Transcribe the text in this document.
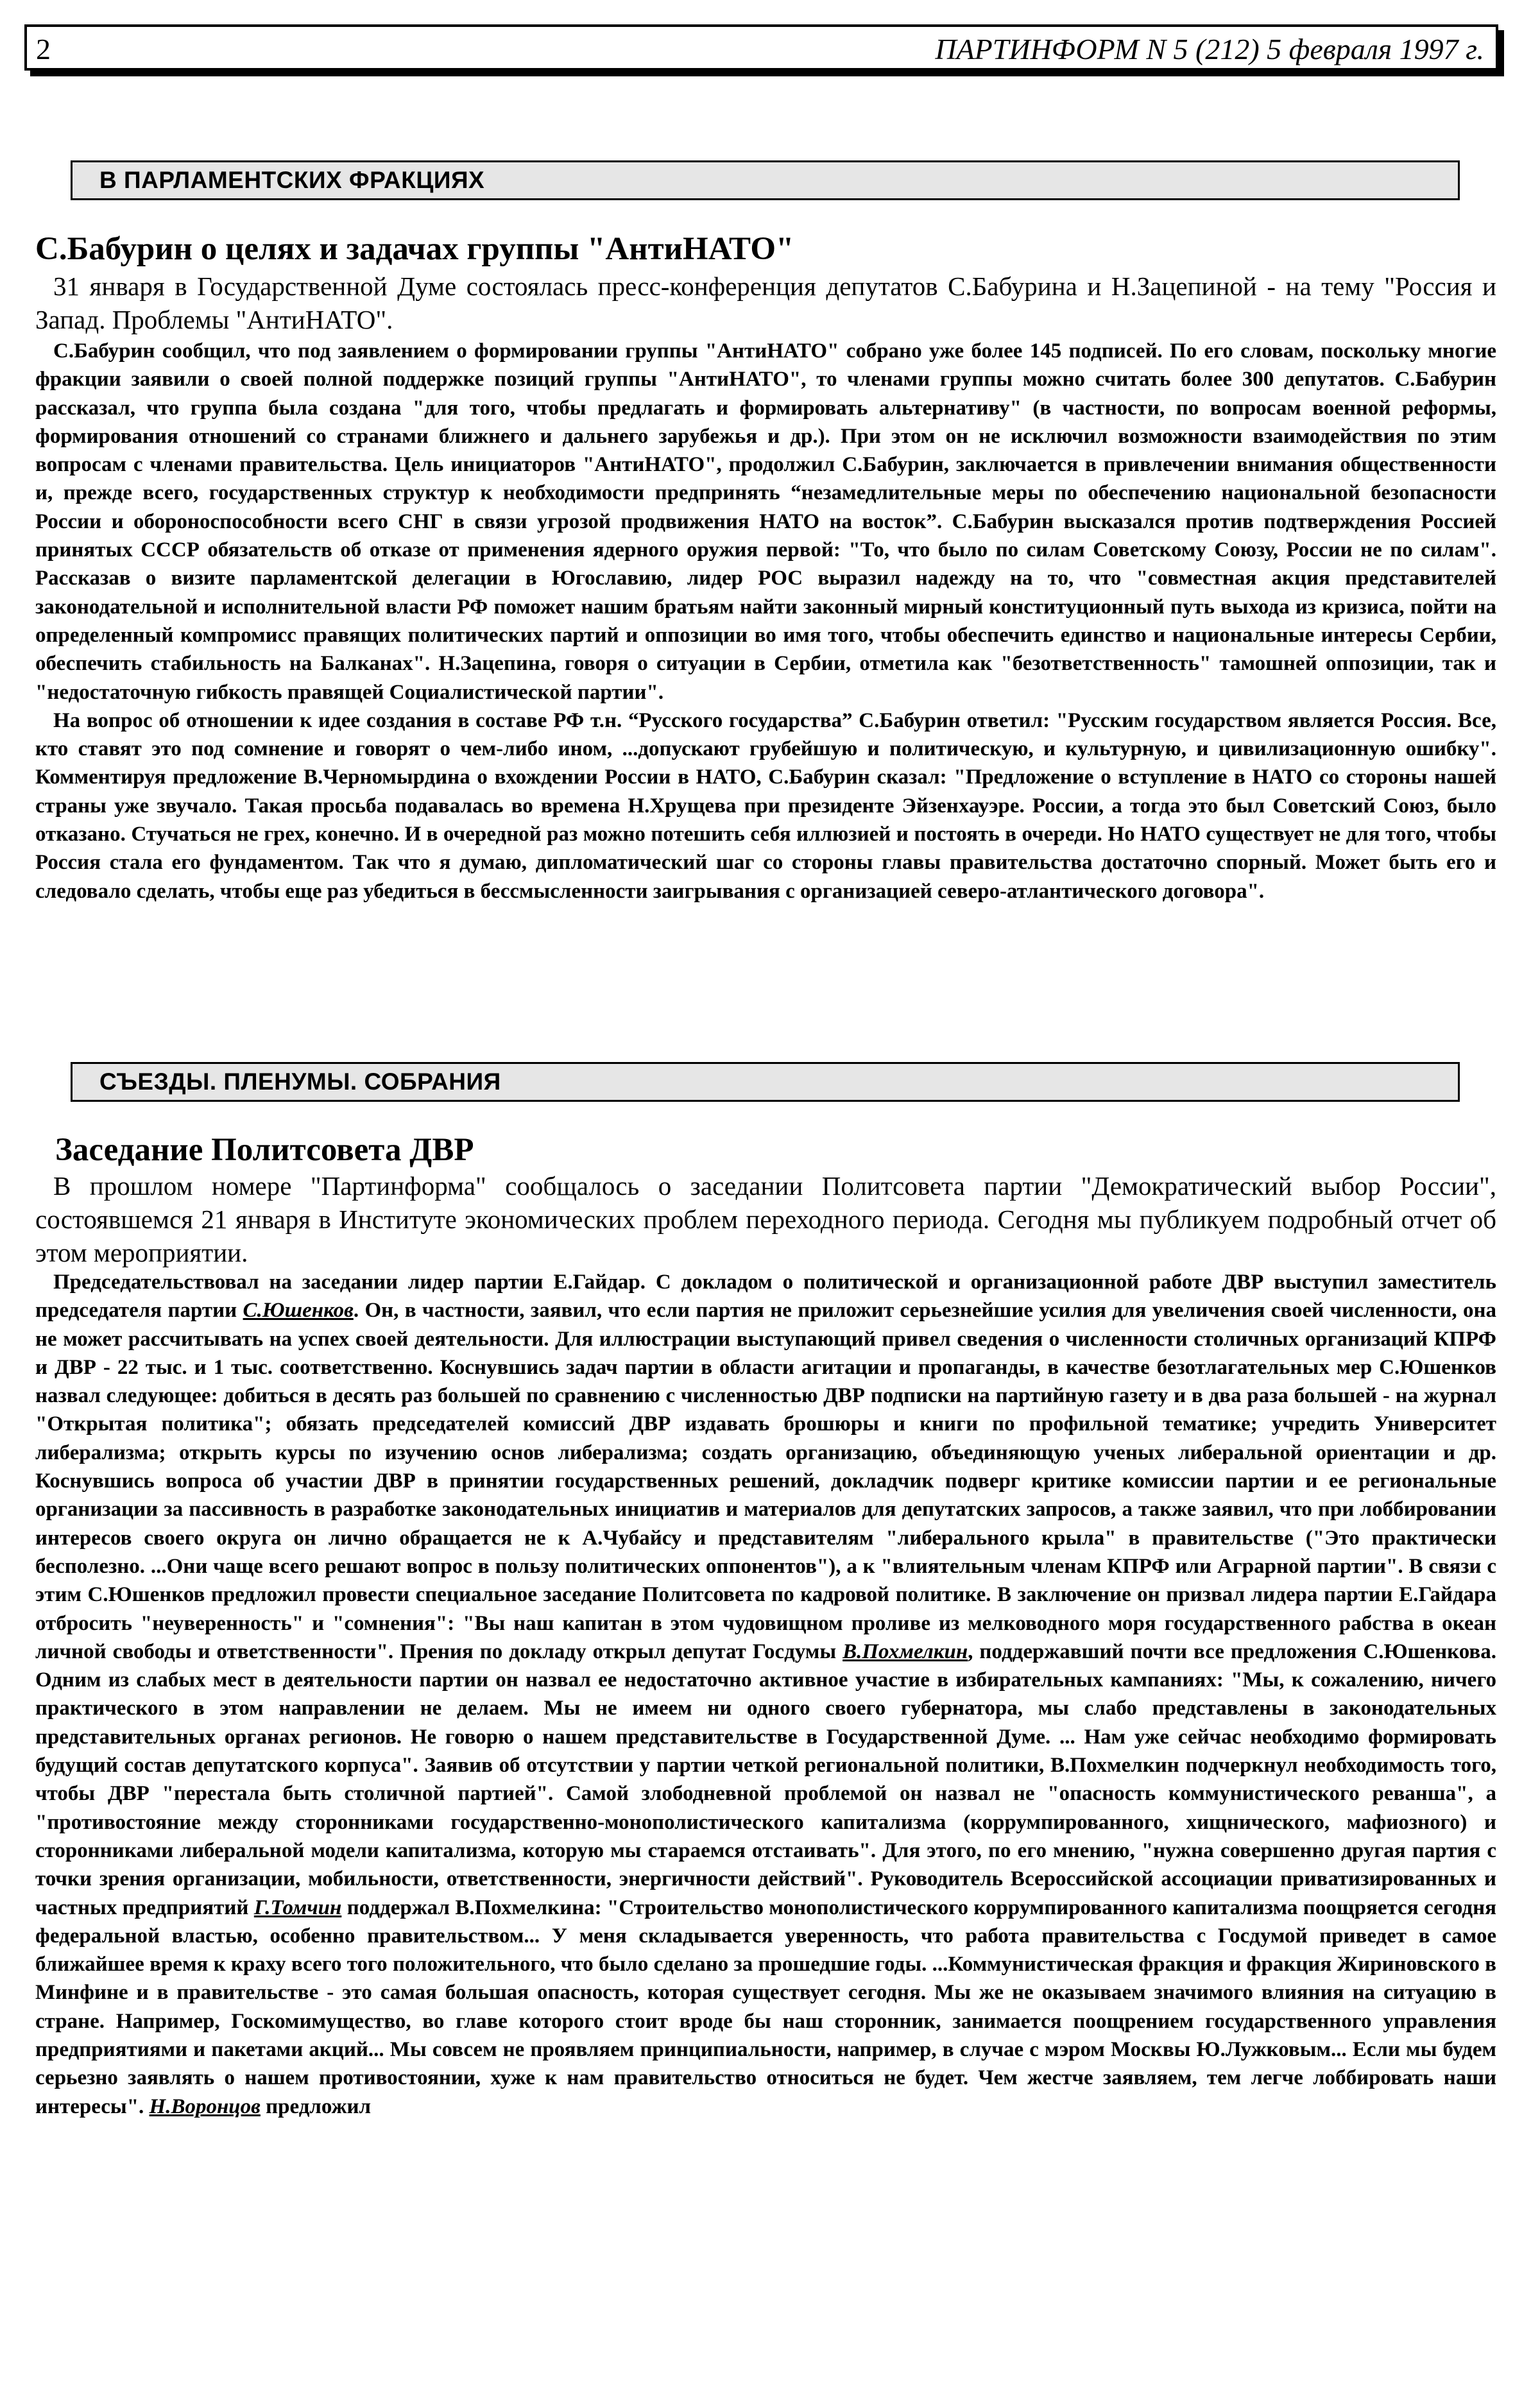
2	ПАРТИНФОРМ N 5 (212) 5 февраля 1997 г.
В ПАРЛАМЕНТСКИХ ФРАКЦИЯХ
С.Бабурин о целях и задачах группы "АнтиНАТО"

31 января в Государственной Думе состоялась пресс-конференция депутатов С.Бабурина и Н.Зацепиной - на тему "Россия и Запад. Проблемы "АнтиНАТО".

С.Бабурин сообщил, что под заявлением о формировании группы "АнтиНАТО" собрано уже более 145 подписей. По его словам, поскольку многие фракции заявили о своей полной поддержке позиций группы "АнтиНАТО", то членами группы можно считать более 300 депутатов. С.Бабурин рассказал, что группа была создана "для того, чтобы предлагать и формировать альтернативу" (в частности, по вопросам военной реформы, формирования отношений со странами ближнего и дальнего зарубежья и др.). При этом он не исключил возможности взаимодействия по этим вопросам с членами правительства. Цель инициаторов "АнтиНАТО", продолжил С.Бабурин, заключается в привлечении внимания общественности и, прежде всего, государственных структур к необходимости предпринять “незамедлительные меры по обеспечению национальной безопасности России и обороноспособности всего СНГ в связи угрозой продвижения НАТО на восток”. С.Бабурин высказался против подтверждения Россией принятых СССР обязательств об отказе от применения ядерного оружия первой: "То, что было по силам Советскому Союзу, России не по силам". Рассказав о визите парламентской делегации в Югославию, лидер РОС выразил надежду на то, что "совместная акция представителей законодательной и исполнительной власти РФ поможет нашим братьям найти законный мирный конституционный путь выхода из кризиса, пойти на определенный компромисс правящих политических партий и оппозиции во имя того, чтобы обеспечить единство и национальные интересы Сербии, обеспечить стабильность на Балканах". Н.Зацепина, говоря о ситуации в Сербии, отметила как "безответственность" тамошней оппозиции, так и "недостаточную гибкость правящей Социалистической партии".

На вопрос об отношении к идее создания в составе РФ т.н. “Русского государства” С.Бабурин ответил: "Русским государством является Россия. Все, кто ставят это под сомнение и говорят о чем-либо ином, ...допускают грубейшую и политическую, и культурную, и цивилизационную ошибку". Комментируя предложение В.Черномырдина о вхождении России в НАТО, С.Бабурин сказал: "Предложение о вступление в НАТО со стороны нашей страны уже звучало. Такая просьба подавалась во времена Н.Хрущева при президенте Эйзенхауэре. России, а тогда это был Советский Союз, было отказано. Стучаться не грех, конечно. И в очередной раз можно потешить себя иллюзией и постоять в очереди. Но НАТО существует не для того, чтобы Россия стала его фундаментом. Так что я думаю, дипломатический шаг со стороны главы правительства достаточно спорный. Может быть его и следовало сделать, чтобы еще раз убедиться в бессмысленности заигрывания с организацией северо-атлантического договора".

СЪЕЗДЫ. ПЛЕНУМЫ. СОБРАНИЯ
Заседание Политсовета ДВР

В прошлом номере "Партинформа" сообщалось о заседании Политсовета партии "Демократический выбор России", состоявшемся 21 января в Институте экономических проблем переходного периода. Сегодня мы публикуем подробный отчет об этом мероприятии.

Председательствовал на заседании лидер партии Е.Гайдар. С докладом о политической и организационной работе ДВР выступил заместитель председателя партии С.Юшенков. Он, в частности, заявил, что если партия не приложит серьезнейшие усилия для увеличения своей численности, она не может рассчитывать на успех своей деятельности. Для иллюстрации выступающий привел сведения о численности столичных организаций КПРФ и ДВР - 22 тыс. и 1 тыс. соответственно. Коснувшись задач партии в области агитации и пропаганды, в качестве безотлагательных мер С.Юшенков назвал следующее: добиться в десять раз большей по сравнению с численностью ДВР подписки на партийную газету и в два раза большей - на журнал "Открытая политика"; обязать председателей комиссий ДВР издавать брошюры и книги по профильной тематике; учредить Университет либерализма; открыть курсы по изучению основ либерализма; создать организацию, объединяющую ученых либеральной ориентации и др. Коснувшись вопроса об участии ДВР в принятии государственных решений, докладчик подверг критике комиссии партии и ее региональные организации за пассивность в разработке законодательных инициатив и материалов для депутатских запросов, а также заявил, что при лоббировании интересов своего округа он лично обращается не к А.Чубайсу и представителям "либерального крыла" в правительстве ("Это практически бесполезно. ...Они чаще всего решают вопрос в пользу политических оппонентов"), а к "влиятельным членам КПРФ или Аграрной партии". В связи с этим С.Юшенков предложил провести специальное заседание Политсовета по кадровой политике. В заключение он призвал лидера партии Е.Гайдара отбросить "неуверенность" и "сомнения": "Вы наш капитан в этом чудовищном проливе из мелководного моря государственного рабства в океан личной свободы и ответственности". Прения по докладу открыл депутат Госдумы В.Похмелкин, поддержавший почти все предложения С.Юшенкова. Одним из слабых мест в деятельности партии он назвал ее недостаточно активное участие в избирательных кампаниях: "Мы, к сожалению, ничего практического в этом направлении не делаем. Мы не имеем ни одного своего губернатора, мы слабо представлены в законодательных представительных органах регионов. Не говорю о нашем представительстве в Государственной Думе. ... Нам уже сейчас необходимо формировать будущий состав депутатского корпуса". Заявив об отсутствии у партии четкой региональной политики, В.Похмелкин подчеркнул необходимость того, чтобы ДВР "перестала быть столичной партией". Самой злободневной проблемой он назвал не "опасность коммунистического реванша", а "противостояние между сторонниками государственно-монополистического капитализма (коррумпированного, хищнического, мафиозного) и сторонниками либеральной модели капитализма, которую мы стараемся отстаивать". Для этого, по его мнению, "нужна совершенно другая партия с точки зрения организации, мобильности, ответственности, энергичности действий". Руководитель Всероссийской ассоциации приватизированных и частных предприятий Г.Томчин поддержал В.Похмелкина: "Строительство монополистического коррумпированного капитализма поощряется сегодня федеральной властью, особенно правительством... У меня складывается уверенность, что работа правительства с Госдумой приведет в самое ближайшее время к краху всего того положительного, что было сделано за прошедшие годы. ...Коммунистическая фракция и фракция Жириновского в Минфине и в правительстве - это самая большая опасность, которая существует сегодня. Мы же не оказываем значимого влияния на ситуацию в стране. Например, Госкомимущество, во главе которого стоит вроде бы наш сторонник, занимается поощрением государственного управления предприятиями и пакетами акций... Мы совсем не проявляем принципиальности, например, в случае с мэром Москвы Ю.Лужковым... Если мы будем серьезно заявлять о нашем противостоянии, хуже к нам правительство относиться не будет. Чем жестче заявляем, тем легче лоббировать наши интересы". Н.Воронцов предложил
